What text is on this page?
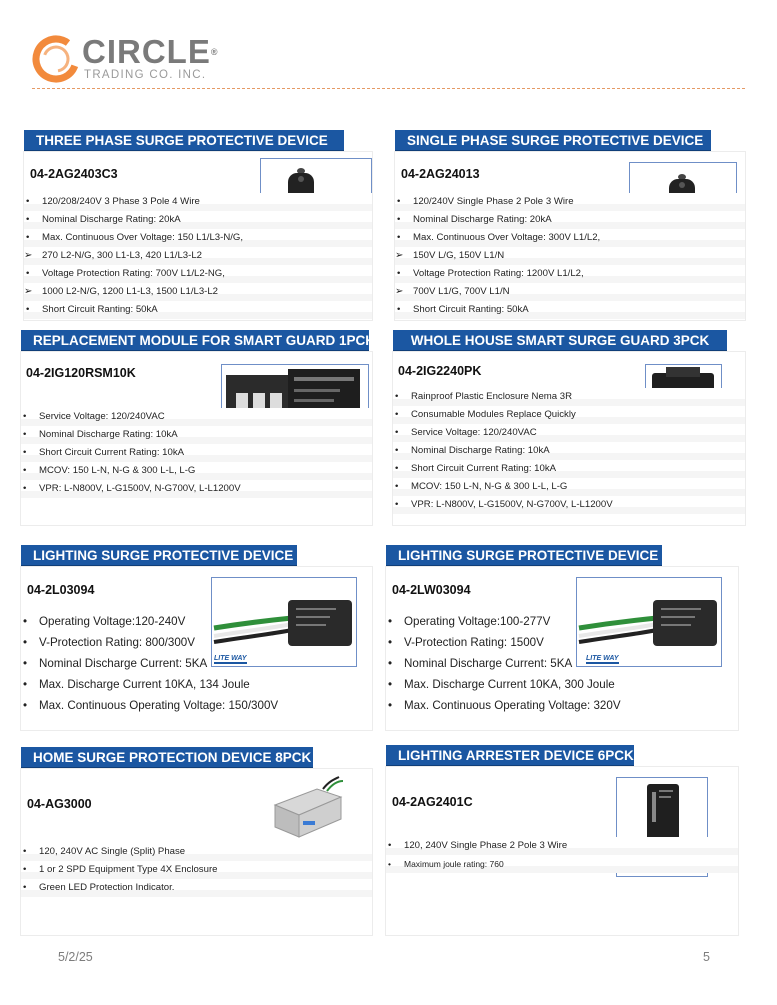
CIRCLE®
TRADING CO. INC.
THREE PHASE SURGE PROTECTIVE DEVICE
04-2AG2403C3
• 120/208/240V 3 Phase 3 Pole 4 Wire
• Nominal Discharge Rating: 20kA
• Max. Continuous Over Voltage: 150 L1/L3-N/G,
➢ 270 L2-N/G, 300 L1-L3, 420 L1/L3-L2
• Voltage Protection Rating: 700V L1/L2-NG,
➢ 1000 L2-N/G, 1200 L1-L3, 1500 L1/L3-L2
• Short Circuit Ranting: 50kA
SINGLE PHASE SURGE PROTECTIVE DEVICE
04-2AG24013
• 120/240V Single Phase 2 Pole 3 Wire
• Nominal Discharge Rating: 20kA
• Max. Continuous Over Voltage: 300V L1/L2,
➢ 150V L/G, 150V L1/N
• Voltage Protection Rating: 1200V L1/L2,
➢ 700V L1/G, 700V L1/N
• Short Circuit Ranting: 50kA
REPLACEMENT MODULE FOR SMART GUARD 1PCK
04-2IG120RSM10K
• Service Voltage: 120/240VAC
• Nominal Discharge Rating: 10kA
• Short Circuit Current Rating: 10kA
• MCOV: 150 L-N, N-G & 300 L-L, L-G
• VPR: L-N800V, L-G1500V, N-G700V, L-L1200V
WHOLE HOUSE SMART SURGE GUARD 3PCK
04-2IG2240PK
• Rainproof Plastic Enclosure Nema 3R
• Consumable Modules Replace Quickly
• Service Voltage: 120/240VAC
• Nominal Discharge Rating: 10kA
• Short Circuit Current Rating: 10kA
• MCOV: 150 L-N, N-G & 300 L-L, L-G
• VPR: L-N800V, L-G1500V, N-G700V, L-L1200V
LIGHTING SURGE PROTECTIVE DEVICE
04-2L03094
LITE WAY
• Operating Voltage:120-240V
• V-Protection Rating: 800/300V
• Nominal Discharge Current: 5KA
• Max. Discharge Current 10KA, 134 Joule
• Max. Continuous Operating Voltage: 150/300V
LIGHTING SURGE PROTECTIVE DEVICE
04-2LW03094
LITE WAY
• Operating Voltage:100-277V
• V-Protection Rating: 1500V
• Nominal Discharge Current: 5KA
• Max. Discharge Current 10KA, 300 Joule
• Max. Continuous Operating Voltage: 320V
HOME SURGE PROTECTION DEVICE 8PCK
04-AG3000
• 120, 240V AC Single (Split) Phase
• 1 or 2 SPD Equipment Type 4X Enclosure
• Green LED Protection Indicator.
LIGHTING ARRESTER DEVICE 6PCK
04-2AG2401C
• 120, 240V Single Phase 2 Pole 3 Wire
• Maximum joule rating: 760
5/2/25	5
